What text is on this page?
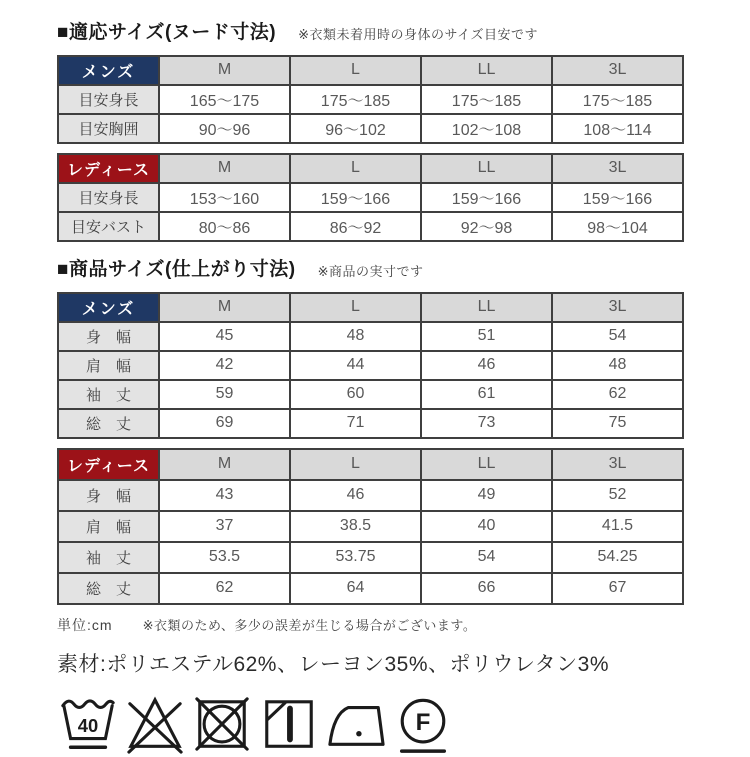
■適応サイズ(ヌード寸法) ※衣類未着用時の身体のサイズ目安です
メンズ	M	L	LL	3L
目安身長	165〜175	175〜185	175〜185	175〜185
目安胸囲	90〜96	96〜102	102〜108	108〜114
レディース	M	L	LL	3L
目安身長	153〜160	159〜166	159〜166	159〜166
目安バスト	80〜86	86〜92	92〜98	98〜104
■商品サイズ(仕上がり寸法) ※商品の実寸です
メンズ	M	L	LL	3L
身　幅	45	48	51	54
肩　幅	42	44	46	48
袖　丈	59	60	61	62
総　丈	69	71	73	75
レディース	M	L	LL	3L
身　幅	43	46	49	52
肩　幅	37	38.5	40	41.5
袖　丈	53.5	53.75	54	54.25
総　丈	62	64	66	67
単位:cm ※衣類のため、多少の誤差が生じる場合がございます。
素材:ポリエステル62%、レーヨン35%、ポリウレタン3%
40	F
